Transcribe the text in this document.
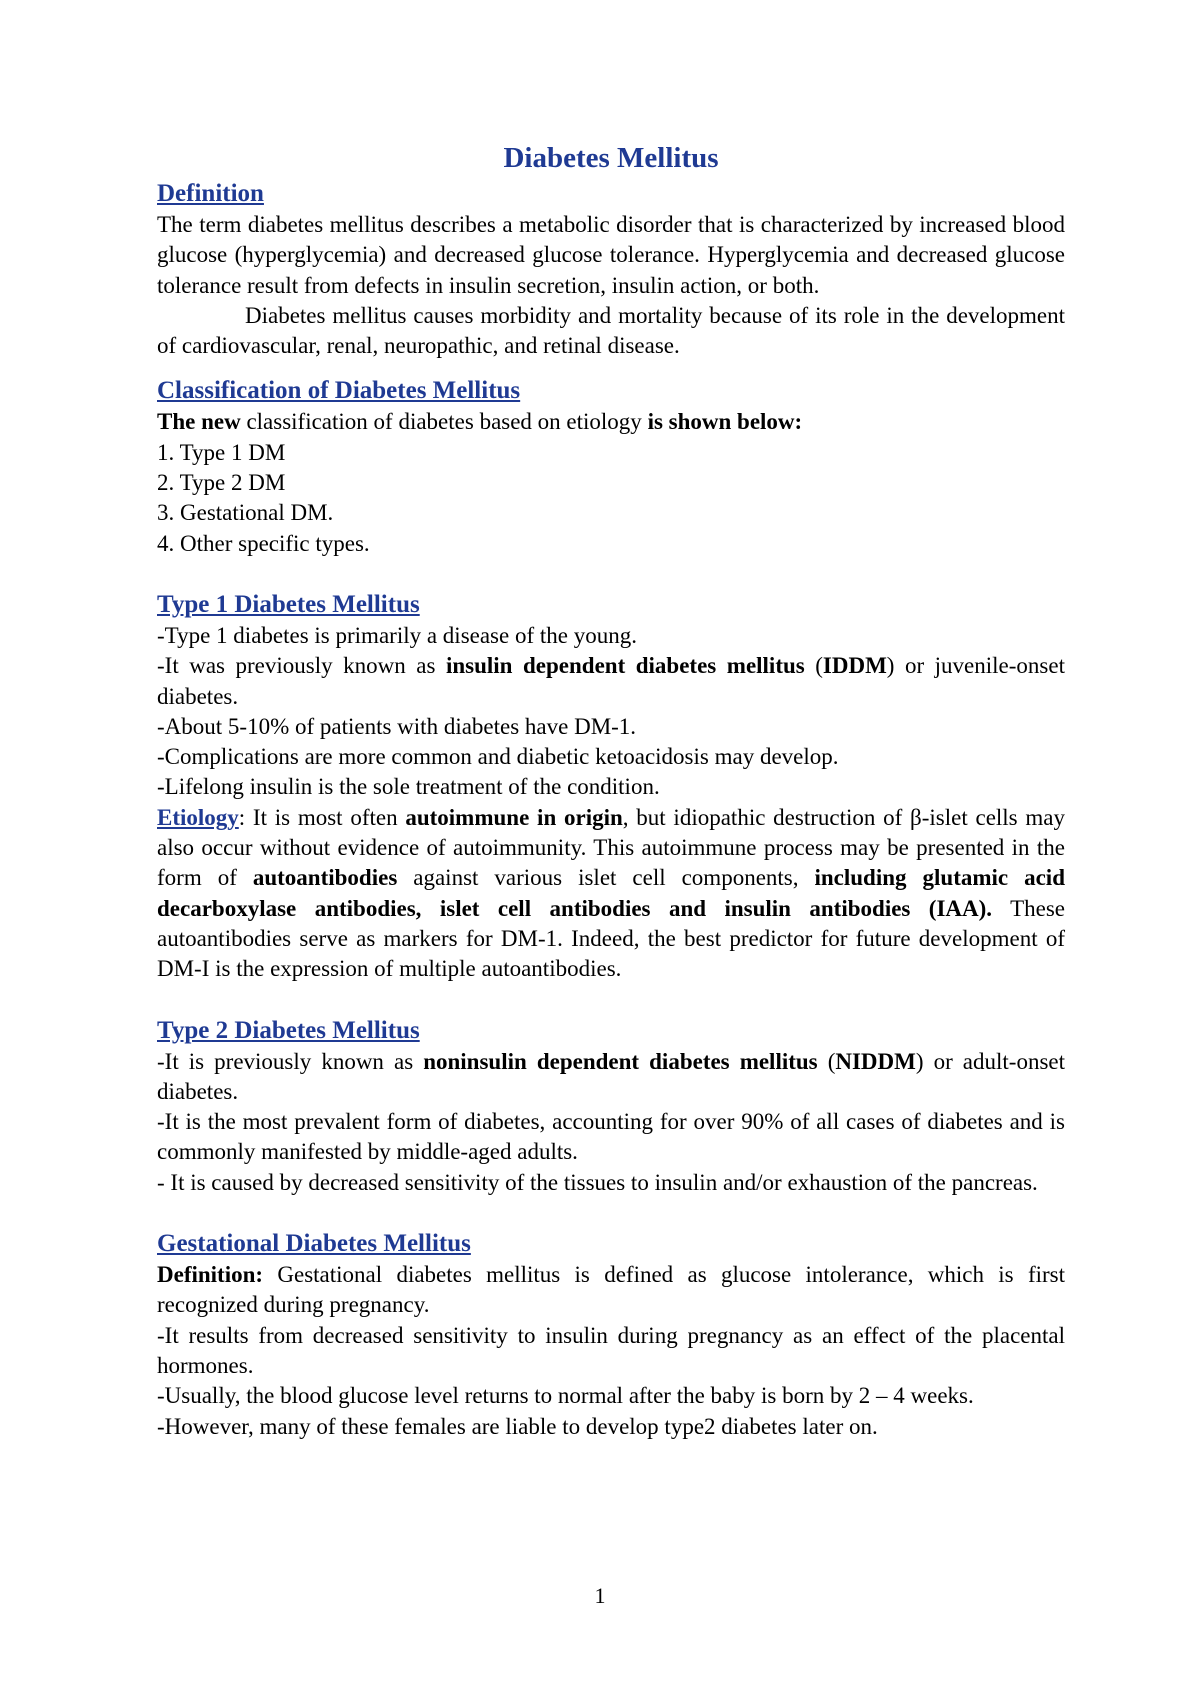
Diabetes Mellitus
Definition

The term diabetes mellitus describes a metabolic disorder that is characterized by increased blood glucose (hyperglycemia) and decreased glucose tolerance. Hyperglycemia and decreased glucose tolerance result from defects in insulin secretion, insulin action, or both.

Diabetes mellitus causes morbidity and mortality because of its role in the development of cardiovascular, renal, neuropathic, and retinal disease.

Classification of Diabetes Mellitus

The new classification of diabetes based on etiology is shown below:

1. Type 1 DM

2. Type 2 DM

3. Gestational DM.

4. Other specific types.

Type 1 Diabetes Mellitus

-Type 1 diabetes is primarily a disease of the young.

-It was previously known as insulin dependent diabetes mellitus (IDDM) or juvenile-onset diabetes.

-About 5-10% of patients with diabetes have DM-1.

-Complications are more common and diabetic ketoacidosis may develop.

-Lifelong insulin is the sole treatment of the condition.

Etiology: It is most often autoimmune in origin, but idiopathic destruction of β-islet cells may also occur without evidence of autoimmunity. This autoimmune process may be presented in the form of autoantibodies against various islet cell components, including glutamic acid decarboxylase antibodies, islet cell antibodies and insulin antibodies (IAA). These autoantibodies serve as markers for DM-1. Indeed, the best predictor for future development of DM-I is the expression of multiple autoantibodies.

Type 2 Diabetes Mellitus

-It is previously known as noninsulin dependent diabetes mellitus (NIDDM) or adult-onset diabetes.

-It is the most prevalent form of diabetes, accounting for over 90% of all cases of diabetes and is commonly manifested by middle-aged adults.

- It is caused by decreased sensitivity of the tissues to insulin and/or exhaustion of the pancreas.

Gestational Diabetes Mellitus

Definition: Gestational diabetes mellitus is defined as glucose intolerance, which is first recognized during pregnancy.

-It results from decreased sensitivity to insulin during pregnancy as an effect of the placental hormones.

-Usually, the blood glucose level returns to normal after the baby is born by 2 – 4 weeks.

-However, many of these females are liable to develop type2 diabetes later on.

1
